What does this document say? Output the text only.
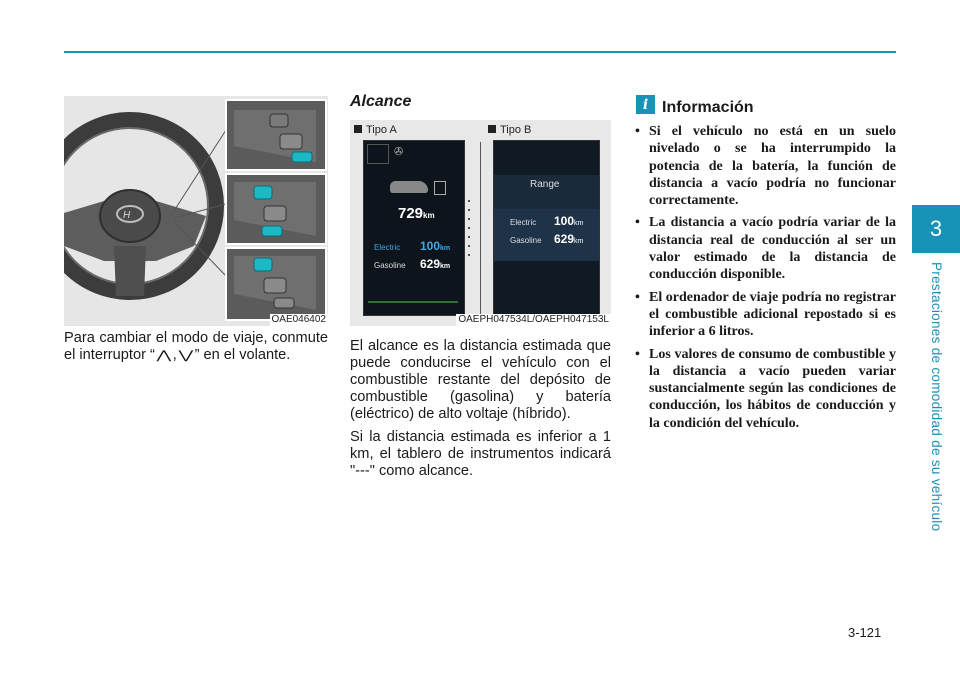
3
Prestaciones de comodidad de su vehículo
H
OAE046402

Para cambiar el modo de viaje, conmute el interruptor “ ⋀ , ⋁ ” en el volante.

Alcance
Tipo A	Tipo B
✇
729km
Electric 100km
Gasoline 629km
Range
Electric 100km
Gasoline 629km
OAEPH047534L/OAEPH047153L

El alcance es la distancia estimada que puede conducirse el vehículo con el combustible restante del depósito de combustible (gasolina) y batería (eléctrico) de alto voltaje (híbrido).

Si la distancia estimada es inferior a 1 km, el tablero de instrumentos indicará "---" como alcance.

i Información
• Si el vehículo no está en un suelo nivelado o se ha interrumpido la potencia de la batería, la función de distancia a vacío podría no funcionar correctamente.
• La distancia a vacío podría variar de la distancia real de conducción al ser un valor estimado de la distancia de conducción disponible.
• El ordenador de viaje podría no registrar el combustible adicional repostado si es inferior a 6 litros.
• Los valores de consumo de combustible y la distancia a vacío pueden variar sustancialmente según las condiciones de conducción, los hábitos de conducción y la condición del vehículo.
3-121
